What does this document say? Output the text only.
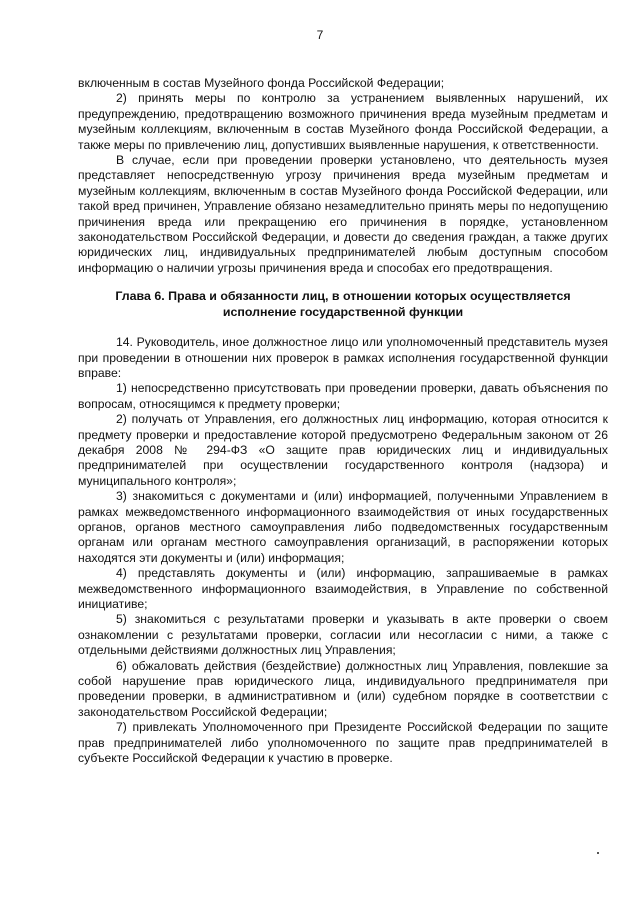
7

включенным в состав Музейного фонда Российской Федерации;

2) принять меры по контролю за устранением выявленных нарушений, их предупреждению, предотвращению возможного причинения вреда музейным предметам и музейным коллекциям, включенным в состав Музейного фонда Российской Федерации, а также меры по привлечению лиц, допустивших выявленные нарушения, к ответственности.

В случае, если при проведении проверки установлено, что деятельность музея представляет непосредственную угрозу причинения вреда музейным предметам и музейным коллекциям, включенным в состав Музейного фонда Российской Федерации, или такой вред причинен, Управление обязано незамедлительно принять меры по недопущению причинения вреда или прекращению его причинения в порядке, установленном законодательством Российской Федерации, и довести до сведения граждан, а также других юридических лиц, индивидуальных предпринимателей любым доступным способом информацию о наличии угрозы причинения вреда и способах его предотвращения.

Глава 6. Права и обязанности лиц, в отношении которых осуществляется исполнение государственной функции

14. Руководитель, иное должностное лицо или уполномоченный представитель музея при проведении в отношении них проверок в рамках исполнения государственной функции вправе:

1) непосредственно присутствовать при проведении проверки, давать объяснения по вопросам, относящимся к предмету проверки;

2) получать от Управления, его должностных лиц информацию, которая относится к предмету проверки и предоставление которой предусмотрено Федеральным законом от 26 декабря 2008 № 294-ФЗ «О защите прав юридических лиц и индивидуальных предпринимателей при осуществлении государственного контроля (надзора) и муниципального контроля»;

3) знакомиться с документами и (или) информацией, полученными Управлением в рамках межведомственного информационного взаимодействия от иных государственных органов, органов местного самоуправления либо подведомственных государственным органам или органам местного самоуправления организаций, в распоряжении которых находятся эти документы и (или) информация;

4) представлять документы и (или) информацию, запрашиваемые в рамках межведомственного информационного взаимодействия, в Управление по собственной инициативе;

5) знакомиться с результатами проверки и указывать в акте проверки о своем ознакомлении с результатами проверки, согласии или несогласии с ними, а также с отдельными действиями должностных лиц Управления;

6) обжаловать действия (бездействие) должностных лиц Управления, повлекшие за собой нарушение прав юридического лица, индивидуального предпринимателя при проведении проверки, в административном и (или) судебном порядке в соответствии с законодательством Российской Федерации;

7) привлекать Уполномоченного при Президенте Российской Федерации по защите прав предпринимателей либо уполномоченного по защите прав предпринимателей в субъекте Российской Федерации к участию в проверке.
